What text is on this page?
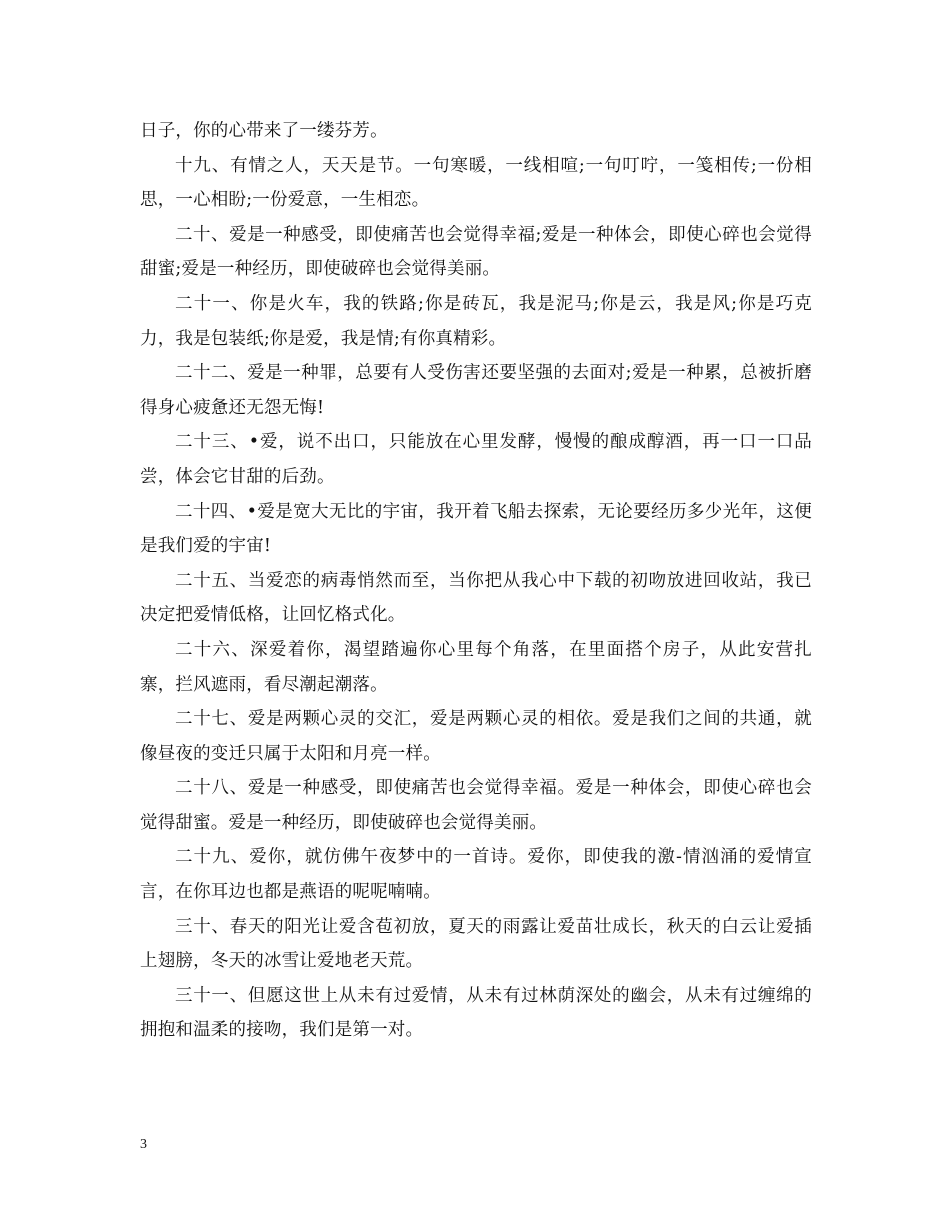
日子，你的心带来了一缕芬芳。

十九、有情之人，天天是节。一句寒暖，一线相喧;一句叮咛，一笺相传;一份相思，一心相盼;一份爱意，一生相恋。

二十、爱是一种感受，即使痛苦也会觉得幸福;爱是一种体会，即使心碎也会觉得甜蜜;爱是一种经历，即使破碎也会觉得美丽。

二十一、你是火车，我的铁路;你是砖瓦，我是泥马;你是云，我是风;你是巧克力，我是包装纸;你是爱，我是情;有你真精彩。

二十二、爱是一种罪，总要有人受伤害还要坚强的去面对;爱是一种累，总被折磨得身心疲惫还无怨无悔!

二十三、•爱，说不出口，只能放在心里发酵，慢慢的酿成醇酒，再一口一口品尝，体会它甘甜的后劲。

二十四、•爱是宽大无比的宇宙，我开着飞船去探索，无论要经历多少光年，这便是我们爱的宇宙!

二十五、当爱恋的病毒悄然而至，当你把从我心中下载的初吻放进回收站，我已决定把爱情低格，让回忆格式化。

二十六、深爱着你，渴望踏遍你心里每个角落，在里面搭个房子，从此安营扎寨，拦风遮雨，看尽潮起潮落。

二十七、爱是两颗心灵的交汇，爱是两颗心灵的相依。爱是我们之间的共通，就像昼夜的变迁只属于太阳和月亮一样。

二十八、爱是一种感受，即使痛苦也会觉得幸福。爱是一种体会，即使心碎也会觉得甜蜜。爱是一种经历，即使破碎也会觉得美丽。

二十九、爱你，就仿佛午夜梦中的一首诗。爱你，即使我的激-情汹涌的爱情宣言，在你耳边也都是燕语的呢呢喃喃。

三十、春天的阳光让爱含苞初放，夏天的雨露让爱苗壮成长，秋天的白云让爱插上翅膀，冬天的冰雪让爱地老天荒。

三十一、但愿这世上从未有过爱情，从未有过林荫深处的幽会，从未有过缠绵的拥抱和温柔的接吻，我们是第一对。

3
